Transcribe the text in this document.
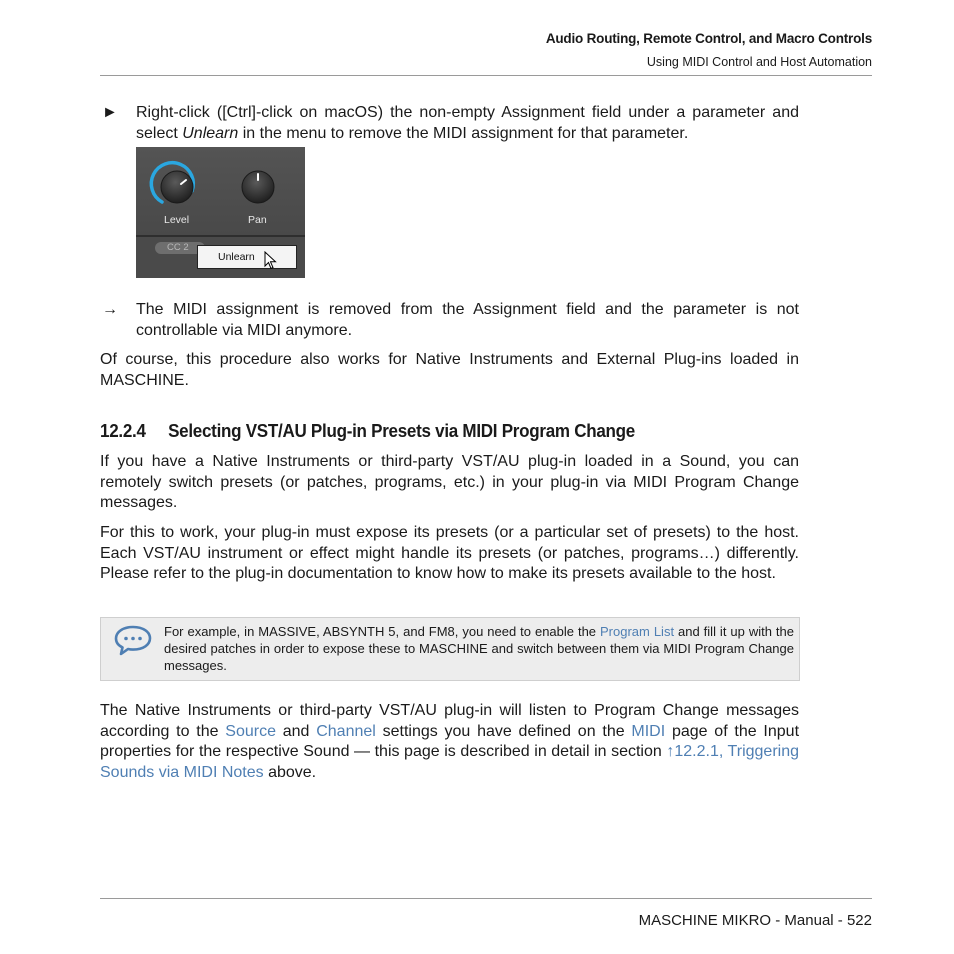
Audio Routing, Remote Control, and Macro Controls
Using MIDI Control and Host Automation
► Right-click ([Ctrl]-click on macOS) the non-empty Assignment field under a parameter and select Unlearn in the menu to remove the MIDI assignment for that parameter.

Level	Pan
CC 2
Unlearn
→ The MIDI assignment is removed from the Assignment field and the parameter is not controllable via MIDI anymore.

Of course, this procedure also works for Native Instruments and External Plug-ins loaded in MASCHINE.

12.2.4 Selecting VST/AU Plug-in Presets via MIDI Program Change

If you have a Native Instruments or third-party VST/AU plug-in loaded in a Sound, you can remotely switch presets (or patches, programs, etc.) in your plug-in via MIDI Program Change messages.

For this to work, your plug-in must expose its presets (or a particular set of presets) to the host. Each VST/AU instrument or effect might handle its presets (or patches, programs…) differently. Please refer to the plug-in documentation to know how to make its presets available to the host.

For example, in MASSIVE, ABSYNTH 5, and FM8, you need to enable the Program List and fill it up with the desired patches in order to expose these to MASCHINE and switch between them via MIDI Program Change messages.

The Native Instruments or third-party VST/AU plug-in will listen to Program Change messages according to the Source and Channel settings you have defined on the MIDI page of the Input properties for the respective Sound — this page is described in detail in section ↑12.2.1, Triggering Sounds via MIDI Notes above.

MASCHINE MIKRO - Manual - 522
